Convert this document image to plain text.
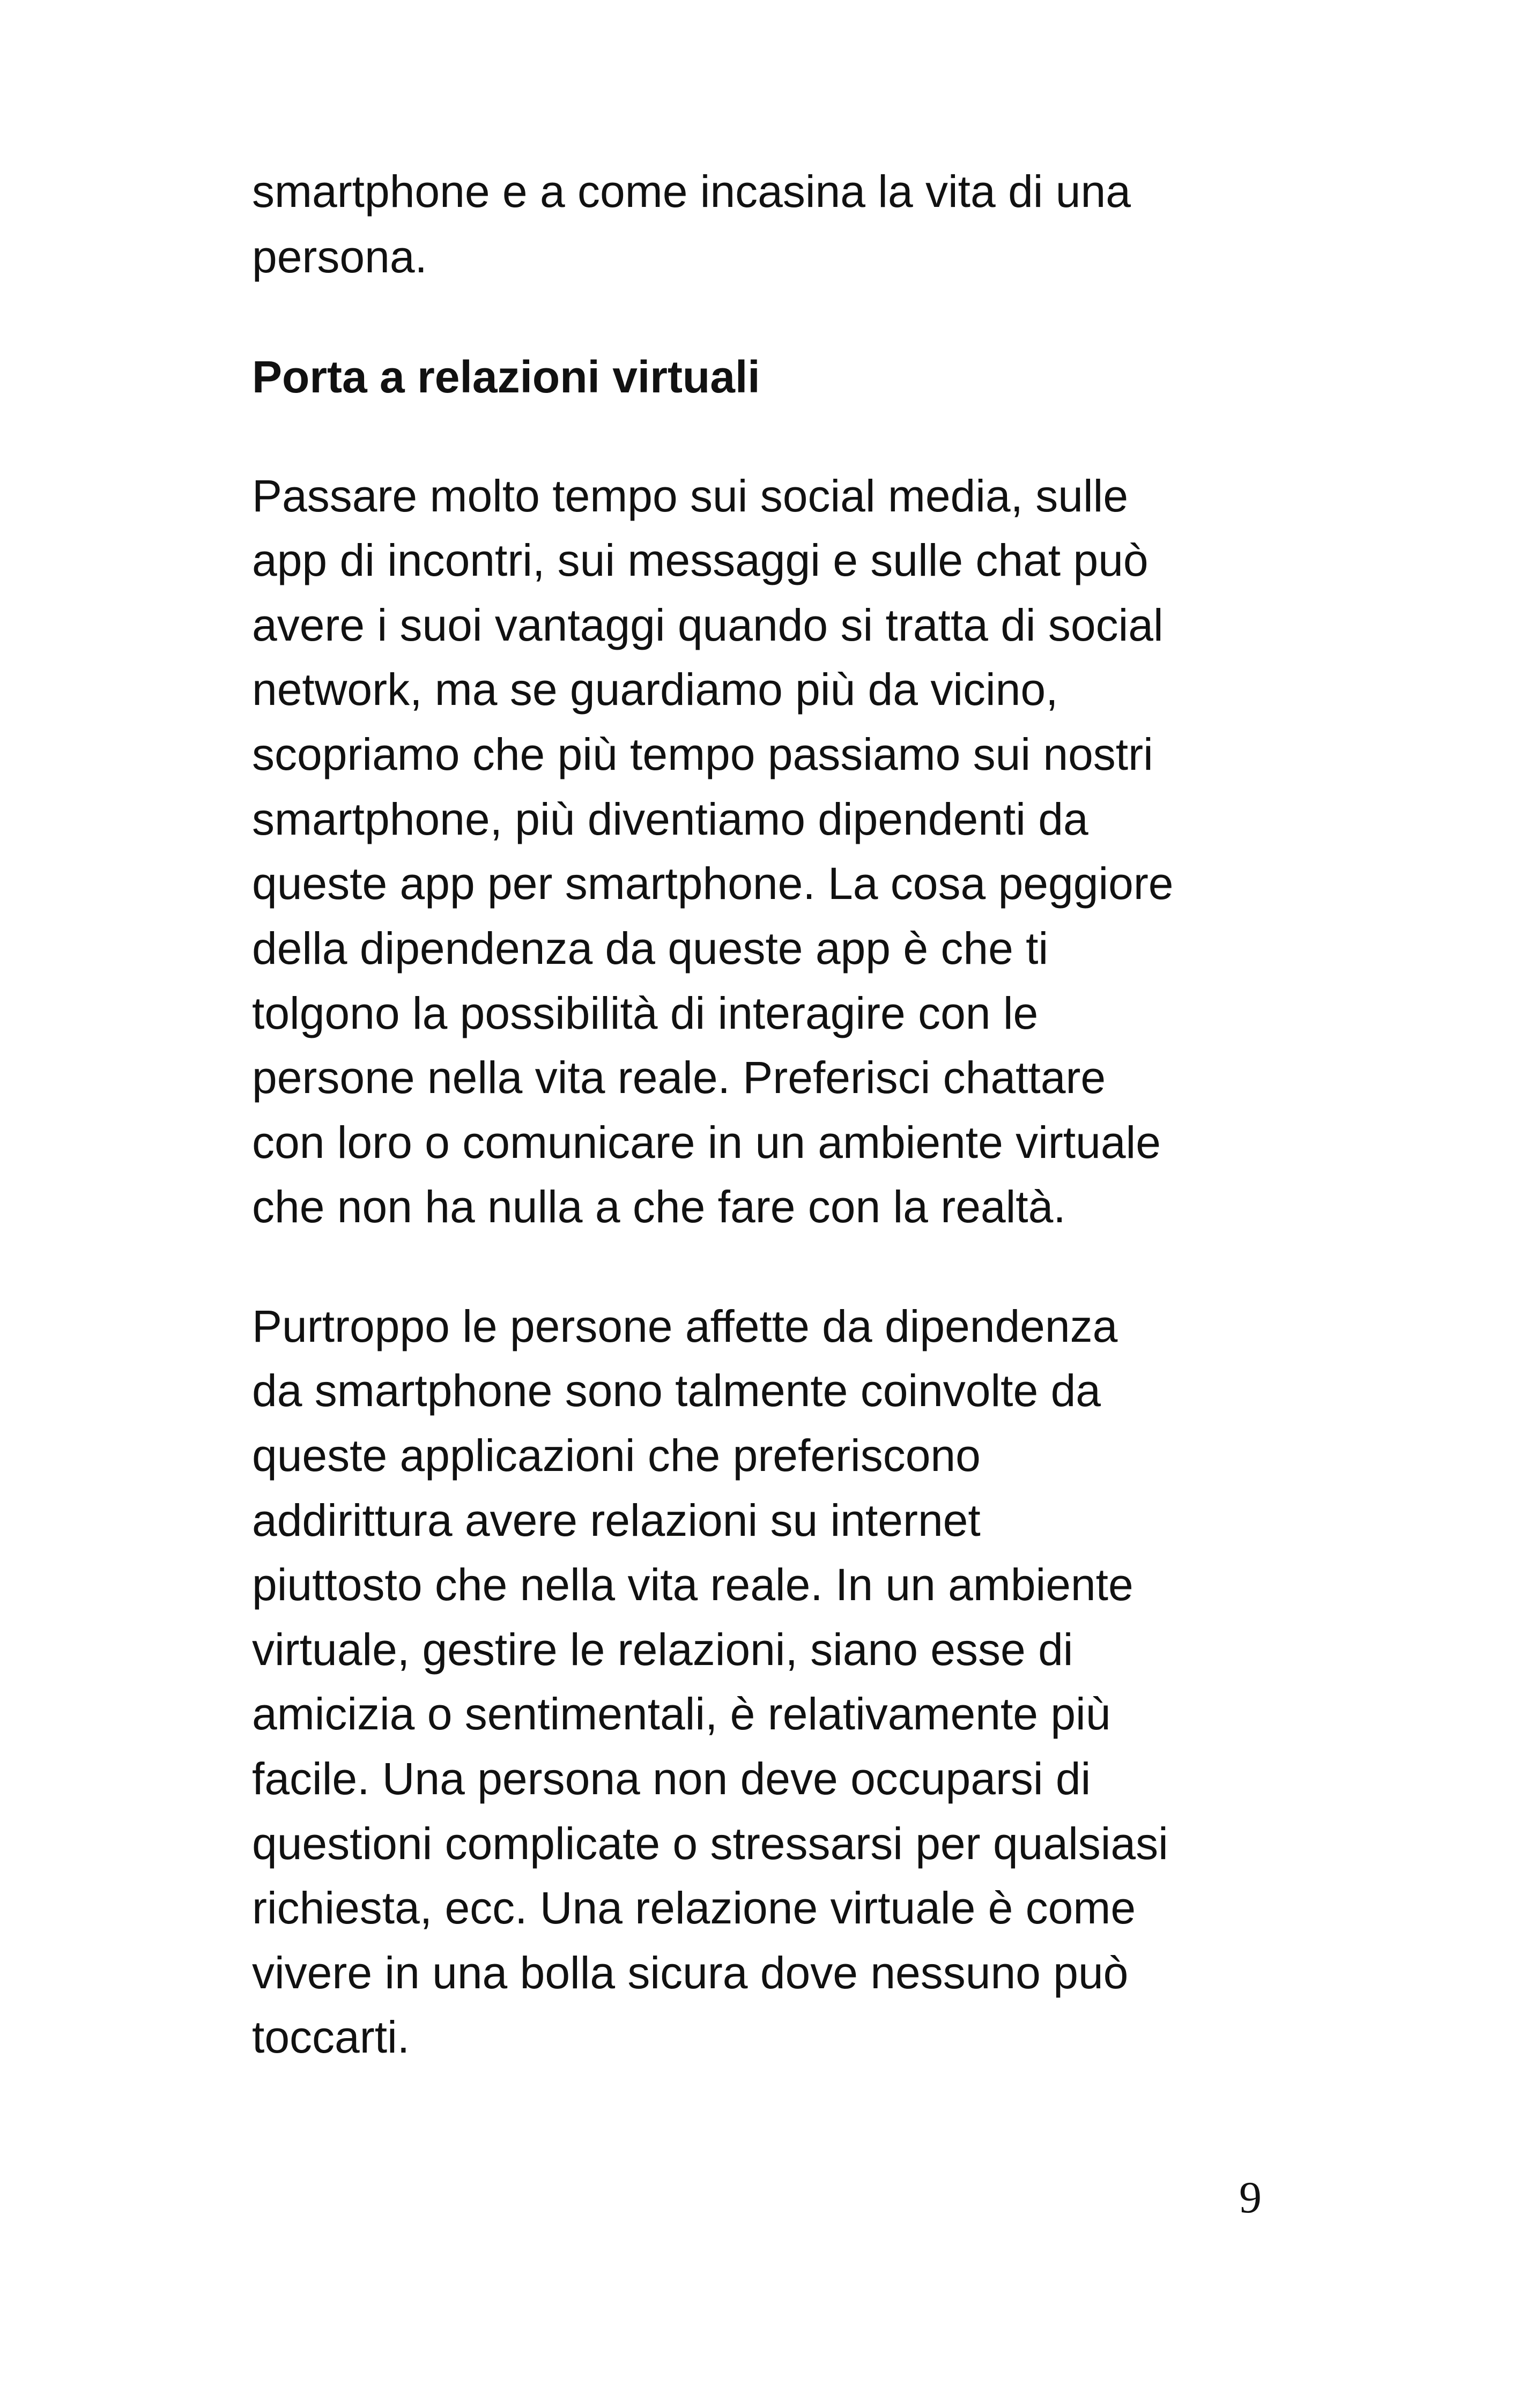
smartphone e a come incasina la vita di una
persona.
Porta a relazioni virtuali
Passare molto tempo sui social media, sulle
app di incontri, sui messaggi e sulle chat può
avere i suoi vantaggi quando si tratta di social
network, ma se guardiamo più da vicino,
scopriamo che più tempo passiamo sui nostri
smartphone, più diventiamo dipendenti da
queste app per smartphone. La cosa peggiore
della dipendenza da queste app è che ti
tolgono la possibilità di interagire con le
persone nella vita reale. Preferisci chattare
con loro o comunicare in un ambiente virtuale
che non ha nulla a che fare con la realtà.
Purtroppo le persone affette da dipendenza
da smartphone sono talmente coinvolte da
queste applicazioni che preferiscono
addirittura avere relazioni su internet
piuttosto che nella vita reale. In un ambiente
virtuale, gestire le relazioni, siano esse di
amicizia o sentimentali, è relativamente più
facile. Una persona non deve occuparsi di
questioni complicate o stressarsi per qualsiasi
richiesta, ecc. Una relazione virtuale è come
vivere in una bolla sicura dove nessuno può
toccarti.
9
